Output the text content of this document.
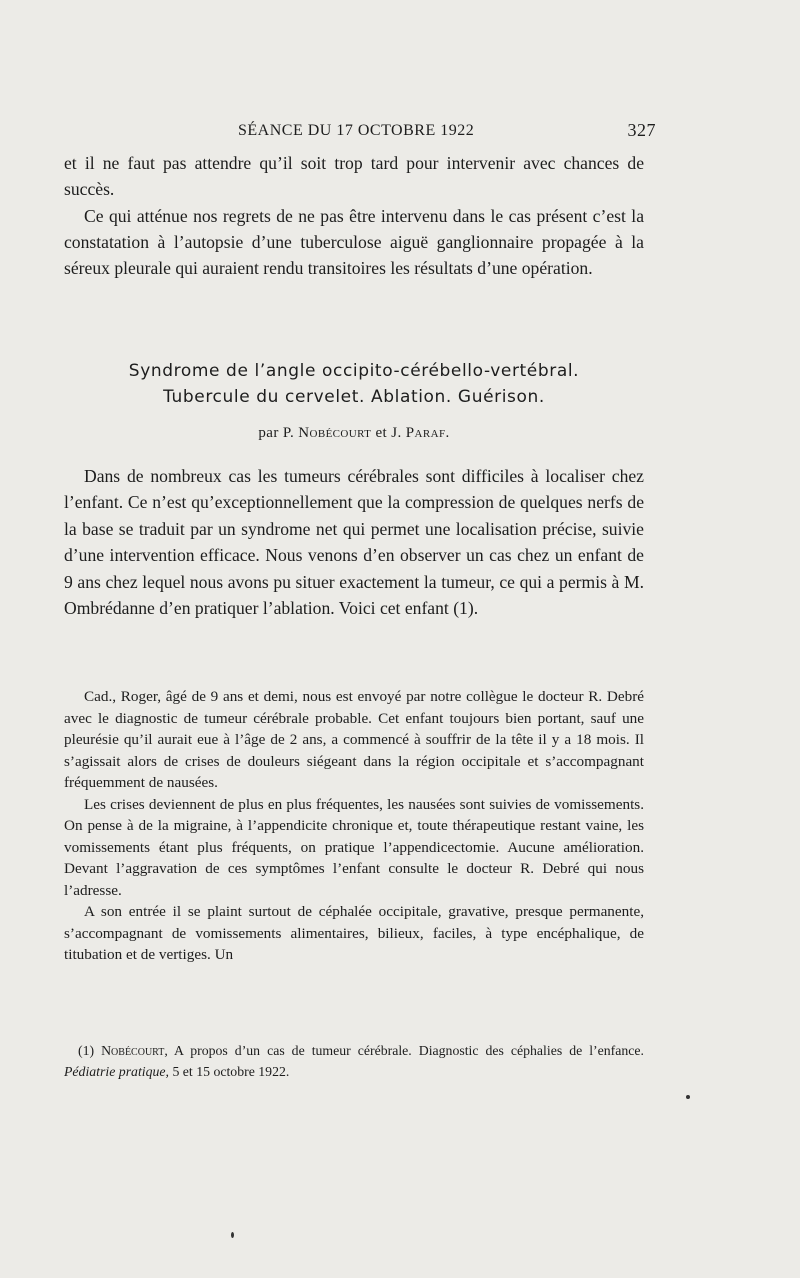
SÉANCE DU 17 OCTOBRE 1922	327

et il ne faut pas attendre qu’il soit trop tard pour intervenir avec chances de succès.

Ce qui atténue nos regrets de ne pas être intervenu dans le cas présent c’est la constatation à l’autopsie d’une tuberculose aiguë ganglionnaire propagée à la séreux pleurale qui auraient rendu transitoires les résultats d’une opération.

Syndrome de l’angle occipito-cérébello-vertébral.
Tubercule du cervelet. Ablation. Guérison.
par P. Nobécourt et J. Paraf.

Dans de nombreux cas les tumeurs cérébrales sont difficiles à localiser chez l’enfant. Ce n’est qu’exceptionnellement que la compression de quelques nerfs de la base se traduit par un syndrome net qui permet une localisation précise, suivie d’une intervention efficace. Nous venons d’en observer un cas chez un enfant de 9 ans chez lequel nous avons pu situer exactement la tumeur, ce qui a permis à M. Ombrédanne d’en pratiquer l’ablation. Voici cet enfant (1).

Cad., Roger, âgé de 9 ans et demi, nous est envoyé par notre collègue le docteur R. Debré avec le diagnostic de tumeur cérébrale probable. Cet enfant toujours bien portant, sauf une pleurésie qu’il aurait eue à l’âge de 2 ans, a commencé à souffrir de la tête il y a 18 mois. Il s’agissait alors de crises de douleurs siégeant dans la région occipitale et s’accompagnant fréquemment de nausées.

Les crises deviennent de plus en plus fréquentes, les nausées sont suivies de vomissements. On pense à de la migraine, à l’appendicite chronique et, toute thérapeutique restant vaine, les vomissements étant plus fréquents, on pratique l’appendicectomie. Aucune amélioration. Devant l’aggravation de ces symptômes l’enfant consulte le docteur R. Debré qui nous l’adresse.

A son entrée il se plaint surtout de céphalée occipitale, gravative, presque permanente, s’accompagnant de vomissements alimentaires, bilieux, faciles, à type encéphalique, de titubation et de vertiges. Un

(1) Nobécourt, A propos d’un cas de tumeur cérébrale. Diagnostic des céphalies de l’enfance. Pédiatrie pratique, 5 et 15 octobre 1922.
